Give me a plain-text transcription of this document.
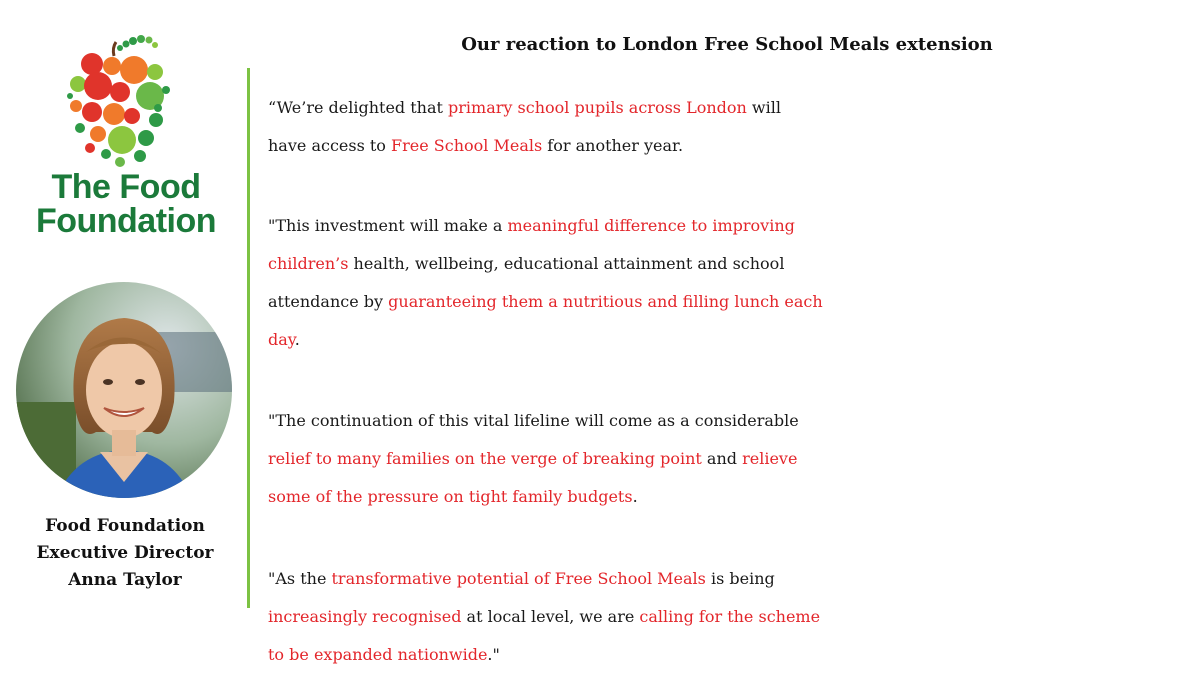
The Food
Foundation
Food Foundation
Executive Director
Anna Taylor
Our reaction to London Free School Meals extension
“We’re delighted that primary school pupils across London will
have access to Free School Meals for another year.
"This investment will make a meaningful difference to improving
children’s health, wellbeing, educational attainment and school
attendance by guaranteeing them a nutritious and filling lunch each
day.
"The continuation of this vital lifeline will come as a considerable
relief to many families on the verge of breaking point and relieve
some of the pressure on tight family budgets.
"As the transformative potential of Free School Meals is being
increasingly recognised at local level, we are calling for the scheme
to be expanded nationwide."
